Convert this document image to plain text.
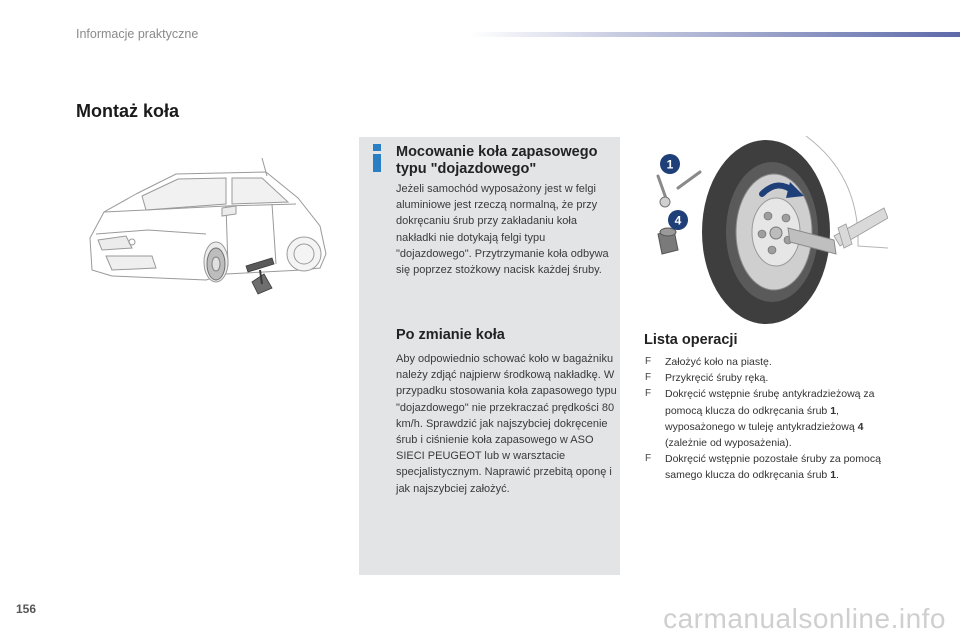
Informacje praktyczne
Montaż koła
Mocowanie koła zapasowego typu "dojazdowego"

Jeżeli samochód wyposażony jest w felgi aluminiowe jest rzeczą normalną, że przy dokręcaniu śrub przy zakładaniu koła nakładki nie dotykają felgi typu "dojazdowego". Przytrzymanie koła odbywa się poprzez stożkowy nacisk każdej śruby.

Po zmianie koła

Aby odpowiednio schować koło w bagażniku należy zdjąć najpierw środkową nakładkę. W przypadku stosowania koła zapasowego typu "dojazdowego" nie przekraczać prędkości 80 km/h. Sprawdzić jak najszybciej dokręcenie śrub i ciśnienie koła zapasowego w ASO SIECI PEUGEOT lub w warsztacie specjalistycznym. Naprawić przebitą oponę i jak najszybciej założyć.

1
4
Lista operacji
F Założyć koło na piastę.
F Przykręcić śruby ręką.
F Dokręcić wstępnie śrubę antykradzieżową za pomocą klucza do odkręcania śrub 1, wyposażonego w tuleję antykradzieżową 4 (zależnie od wyposażenia).
F Dokręcić wstępnie pozostałe śruby za pomocą samego klucza do odkręcania śrub 1.
156	carmanualsonline.info
